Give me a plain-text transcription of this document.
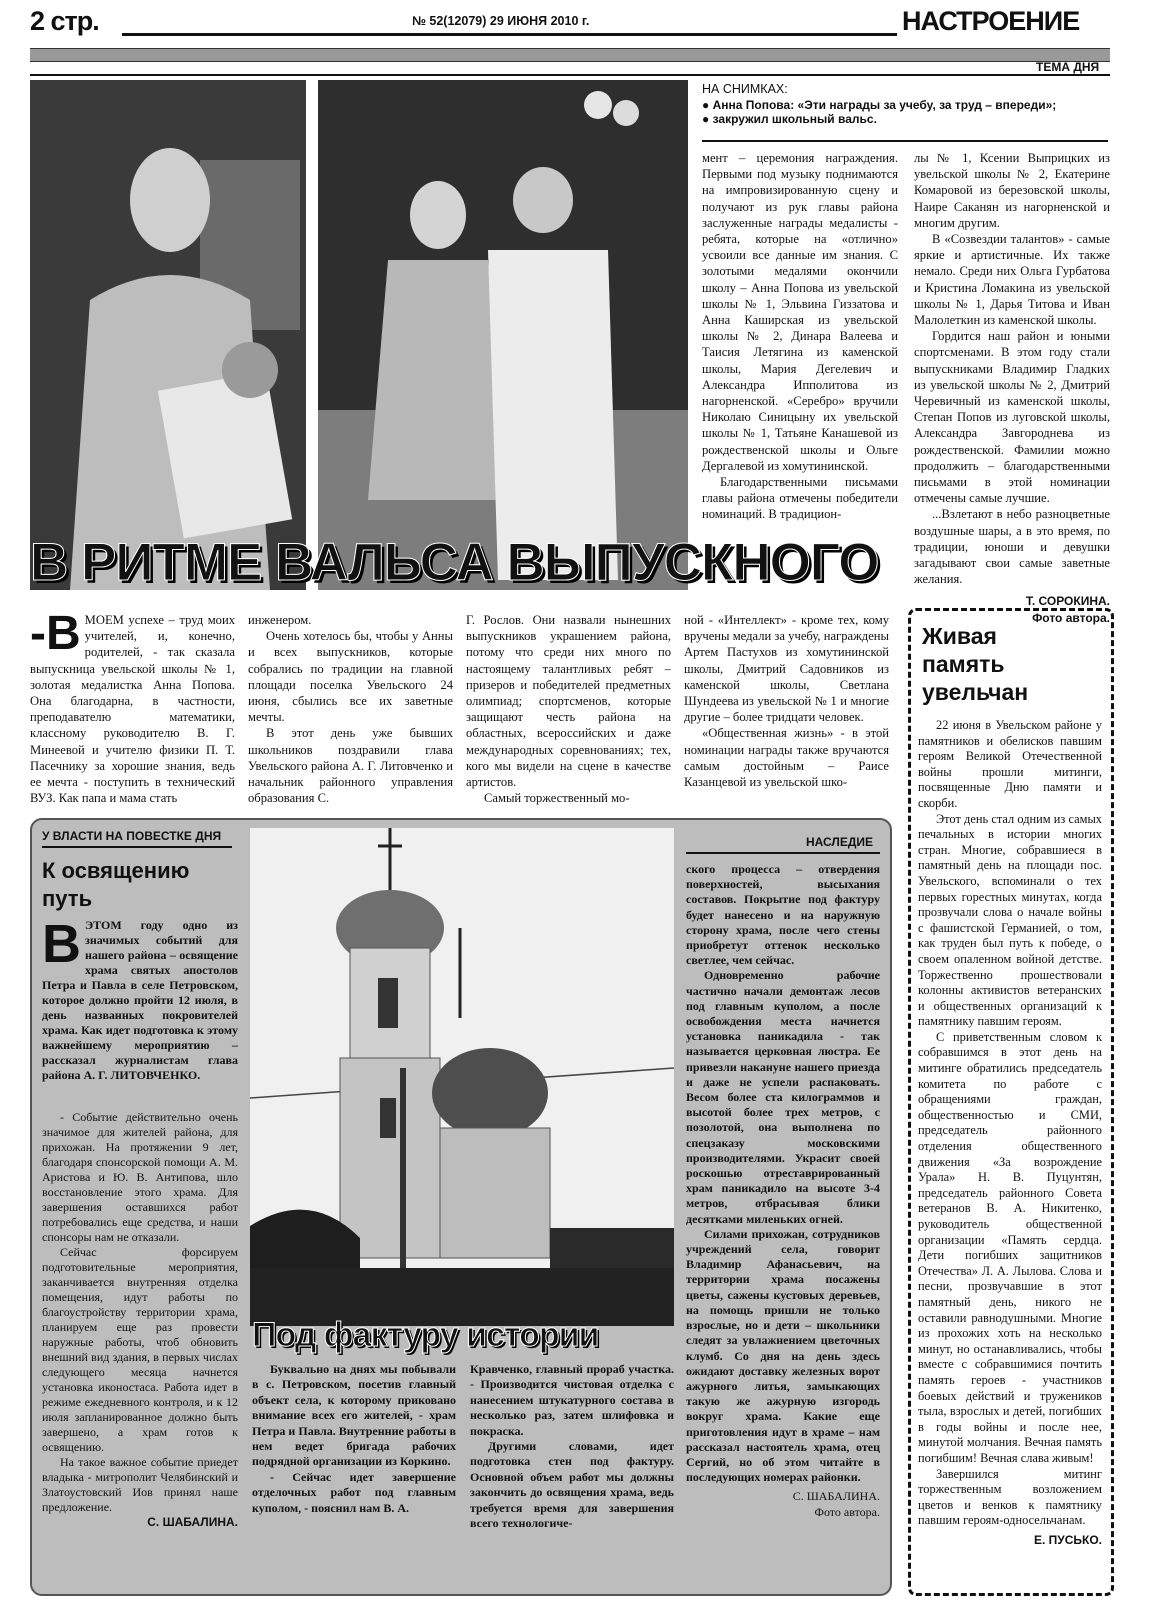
2 стр.	№ 52(12079) 29 ИЮНЯ 2010 г.	НАСТРОЕНИЕ
ТЕМА ДНЯ
НА СНИМКАХ:
● Анна Попова: «Эти награды за учебу, за труд – впереди»;
● закружил школьный вальс.

мент – церемония награждения. Первыми под музыку поднимаются на импровизированную сцену и получают из рук главы района заслуженные награды медалисты - ребята, которые на «отлично» усвоили все данные им знания. С золотыми медалями окончили школу – Анна Попова из увельской школы № 1, Эльвина Гиззатова и Анна Каширская из увельской школы № 2, Динара Валеева и Таисия Летягина из каменской школы, Мария Дегелевич и Александра Ипполитова из нагорненской. «Серебро» вручили Николаю Синицыну их увельской школы № 1, Татьяне Канашевой из рождественской школы и Ольге Дергалевой из хомутининской.

Благодарственными письмами главы района отмечены победители номинаций. В традицион-

лы № 1, Ксении Выприцких из увельской школы № 2, Екатерине Комаровой из березовской школы, Наире Саканян из нагорненской и многим другим.

В «Созвездии талантов» - самые яркие и артистичные. Их также немало. Среди них Ольга Гурбатова и Кристина Ломакина из увельской школы № 1, Дарья Титова и Иван Малолеткин из каменской школы.

Гордится наш район и юными спортсменами. В этом году стали выпускниками Владимир Гладких из увельской школы № 2, Дмитрий Черевичный из каменской школы, Степан Попов из луговской школы, Александра Завгороднева из рождественской. Фамилии можно продолжить – благодарственными письмами в этой номинации отмечены самые лучшие.

...Взлетают в небо разноцветные воздушные шары, а в это время, по традиции, юноши и девушки загадывают свои самые заветные желания.

Т. СОРОКИНА.
Фото автора.
В РИТМЕ ВАЛЬСА ВЫПУСКНОГО
-В МОЕМ успехе – труд моих учителей, и, конечно, родителей, - так сказала выпускница увельской школы № 1, золотая медалистка Анна Попова. Она благодарна, в частности, преподавателю математики, классному руководителю В. Г. Минеевой и учителю физики П. Т. Пасечнику за хорошие знания, ведь ее мечта - поступить в технический ВУЗ. Как папа и мама стать

инженером.

Очень хотелось бы, чтобы у Анны и всех выпускников, которые собрались по традиции на главной площади поселка Увельского 24 июня, сбылись все их заветные мечты.

В этот день уже бывших школьников поздравили глава Увельского района А. Г. Литовченко и начальник районного управления образования С.

Г. Рослов. Они назвали нынешних выпускников украшением района, потому что среди них много по настоящему талантливых ребят – призеров и победителей предметных олимпиад; спортсменов, которые защищают честь района на областных, всероссийских и даже международных соревнованиях; тех, кого мы видели на сцене в качестве артистов.

Самый торжественный мо-

ной - «Интеллект» - кроме тех, кому вручены медали за учебу, награждены Артем Пастухов из хомутининской школы, Дмитрий Садовников из каменской школы, Светлана Шундеева из увельской № 1 и многие другие – более тридцати человек.

«Общественная жизнь» - в этой номинации награды также вручаются самым достойным – Раисе Казанцевой из увельской шко-

Живая память увельчан

22 июня в Увельском районе у памятников и обелисков павшим героям Великой Отечественной войны прошли митинги, посвященные Дню памяти и скорби.

Этот день стал одним из самых печальных в истории многих стран. Многие, собравшиеся в памятный день на площади пос. Увельского, вспоминали о тех первых горестных минутах, когда прозвучали слова о начале войны с фашистской Германией, о том, как труден был путь к победе, о своем опаленном войной детстве. Торжественно прошествовали колонны активистов ветеранских и общественных организаций к памятнику павшим героям.

С приветственным словом к собравшимся в этот день на митинге обратились председатель комитета по работе с обращениями граждан, общественностью и СМИ, председатель районного отделения общественного движения «За возрождение Урала» Н. В. Пуцунтян, председатель районного Совета ветеранов В. А. Никитенко, руководитель общественной организации «Память сердца. Дети погибших защитников Отечества» Л. А. Лылова. Слова и песни, прозвучавшие в этот памятный день, никого не оставили равнодушными. Многие из прохожих хоть на несколько минут, но останавливались, чтобы вместе с собравшимися почтить память героев - участников боевых действий и тружеников тыла, взрослых и детей, погибших в годы войны и после нее, минутой молчания. Вечная память погибшим! Вечная слава живым!

Завершился митинг торжественным возложением цветов и венков к памятнику павшим героям-односельчанам.

Е. ПУСЬКО.
У ВЛАСТИ НА ПОВЕСТКЕ ДНЯ	НАСЛЕДИЕ
К освящению путь
Под фактуру истории
ВЭТОМ году одно из значимых событий для нашего района – освящение храма святых апостолов Петра и Павла в селе Петровском, которое должно пройти 12 июля, в день названных покровителей храма. Как идет подготовка к этому важнейшему мероприятию – рассказал журналистам глава района А. Г. ЛИТОВЧЕНКО.

- Событие действительно очень значимое для жителей района, для прихожан. На протяжении 9 лет, благодаря спонсорской помощи А. М. Аристова и Ю. В. Антипова, шло восстановление этого храма. Для завершения оставшихся работ потребовались еще средства, и наши спонсоры нам не отказали.

Сейчас форсируем подготовительные мероприятия, заканчивается внутренняя отделка помещения, идут работы по благоустройству территории храма, планируем еще раз провести наружные работы, чтоб обновить внешний вид здания, в первых числах следующего месяца начнется установка иконостаса. Работа идет в режиме ежедневного контроля, и к 12 июля запланированное должно быть завершено, а храм готов к освящению.

На такое важное событие приедет владыка - митрополит Челябинский и Златоустовский Иов принял наше предложение.

С. ШАБАЛИНА.

Буквально на днях мы побывали в с. Петровском, посетив главный объект села, к которому приковано внимание всех его жителей, - храм Петра и Павла. Внутренние работы в нем ведет бригада рабочих подрядной организации из Коркино.

- Сейчас идет завершение отделочных работ под главным куполом, - пояснил нам В. А.

Кравченко, главный прораб участка. - Производится чистовая отделка с нанесением штукатурного состава в несколько раз, затем шлифовка и покраска.

Другими словами, идет подготовка стен под фактуру. Основной объем работ мы должны закончить до освящения храма, ведь требуется время для завершения всего технологиче-

ского процесса – отвердения поверхностей, высыхания составов. Покрытие под фактуру будет нанесено и на наружную сторону храма, после чего стены приобретут оттенок несколько светлее, чем сейчас.

Одновременно рабочие частично начали демонтаж лесов под главным куполом, а после освобождения места начнется установка паникадила - так называется церковная люстра. Ее привезли накануне нашего приезда и даже не успели распаковать. Весом более ста килограммов и высотой более трех метров, с позолотой, она выполнена по спецзаказу московскими производителями. Украсит своей роскошью отреставрированный храм паникадило на высоте 3-4 метров, отбрасывая блики десятками миленьких огней.

Силами прихожан, сотрудников учреждений села, говорит Владимир Афанасьевич, на территории храма посажены цветы, сажены кустовых деревьев, на помощь пришли не только взрослые, но и дети – школьники следят за увлажнением цветочных клумб. Со дня на день здесь ожидают доставку железных ворот ажурного литья, замыкающих такую же ажурную изгородь вокруг храма. Какие еще приготовления идут в храме – нам рассказал настоятель храма, отец Сергий, но об этом читайте в последующих номерах районки.

С. ШАБАЛИНА.
Фото автора.
